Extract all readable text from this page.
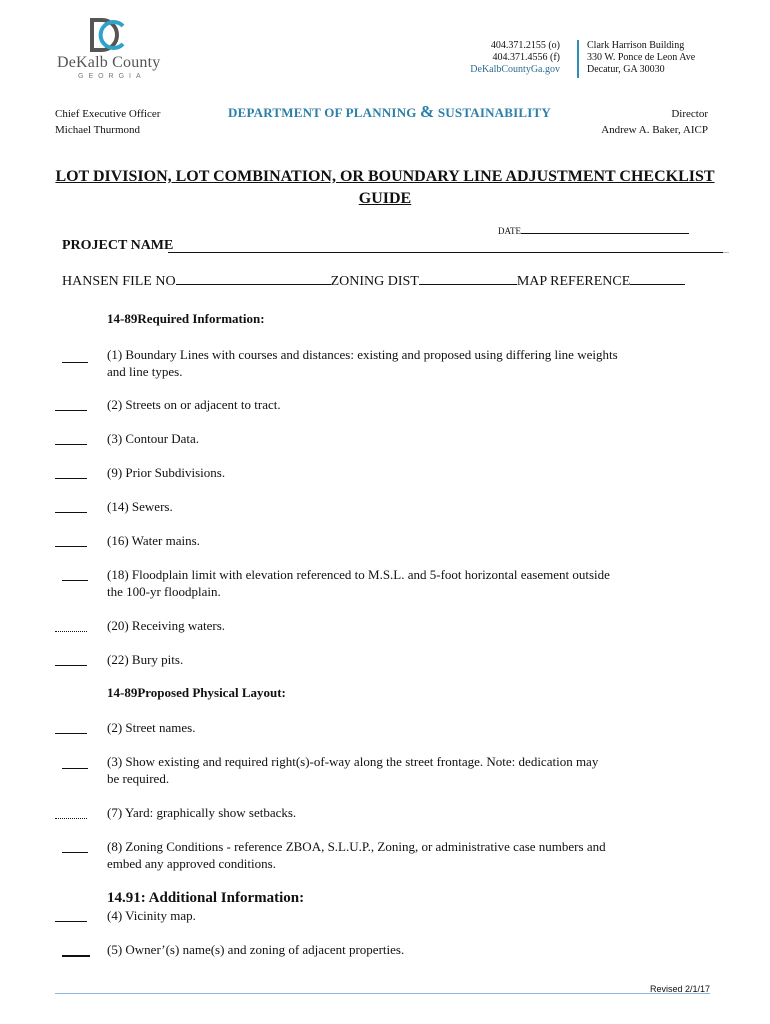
DeKalb County
GEORGIA
404.371.2155 (o)
404.371.4556 (f)
DeKalbCountyGa.gov
Clark Harrison Building
330 W. Ponce de Leon Ave
Decatur, GA 30030
Chief Executive Officer
Michael Thurmond
DEPARTMENT OF PLANNING & SUSTAINABILITY	Director
Andrew A. Baker, AICP
LOT DIVISION, LOT COMBINATION, OR BOUNDARY LINE ADJUSTMENT CHECKLIST
GUIDE
DATE
PROJECT NAME
HANSEN FILE NO	ZONING DIST	MAP REFERENCE
14-89Required Information:
(1) Boundary Lines with courses and distances: existing and proposed using differing line weights
and line types.
(2) Streets on or adjacent to tract.
(3) Contour Data.
(9) Prior Subdivisions.
(14) Sewers.
(16) Water mains.
(18) Floodplain limit with elevation referenced to M.S.L. and 5-foot horizontal easement outside
the 100-yr floodplain.
(20) Receiving waters.
(22) Bury pits.
14-89Proposed Physical Layout:
(2) Street names.
(3) Show existing and required right(s)-of-way along the street frontage. Note: dedication may
be required.
(7) Yard: graphically show setbacks.
(8) Zoning Conditions - reference ZBOA, S.L.U.P., Zoning, or administrative case numbers and
embed any approved conditions.
14.91: Additional Information:
(4) Vicinity map.
(5) Owner’(s) name(s) and zoning of adjacent properties.
Revised 2/1/17
